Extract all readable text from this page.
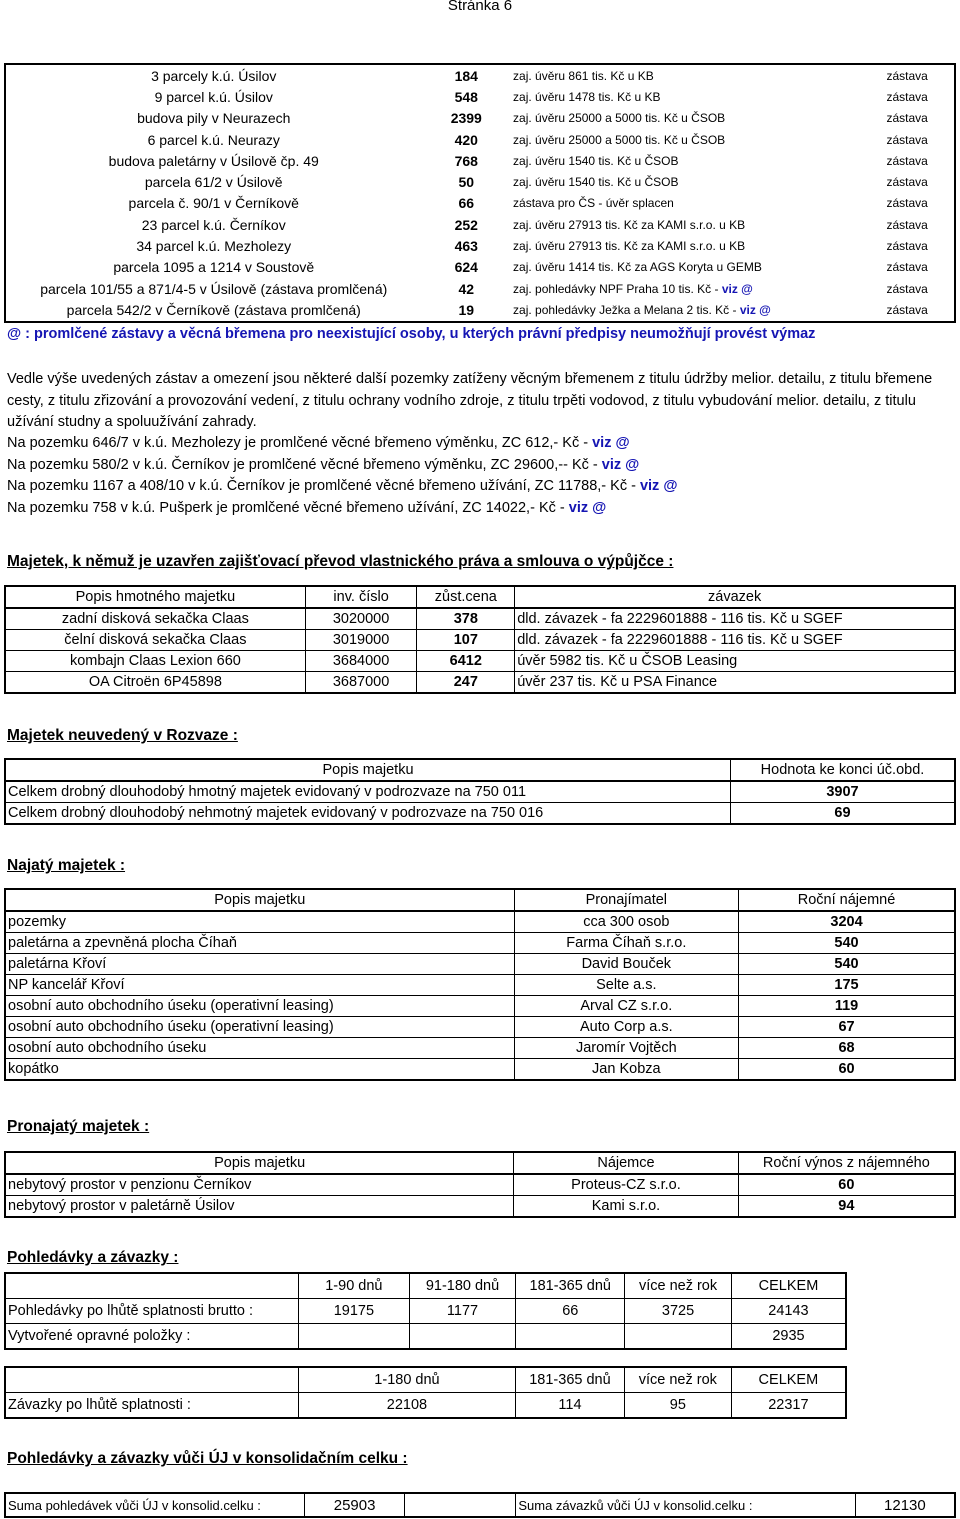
Stránka 6
3 parcely k.ú. Úsilov	184	zaj. úvěru 861 tis. Kč u KB	zástava
9 parcel k.ú. Úsilov	548	zaj. úvěru 1478 tis. Kč u KB	zástava
budova pily v Neurazech	2399	zaj. úvěru 25000 a 5000 tis. Kč u ČSOB	zástava
6 parcel k.ú. Neurazy	420	zaj. úvěru 25000 a 5000 tis. Kč u ČSOB	zástava
budova paletárny v Úsilově čp. 49	768	zaj. úvěru 1540 tis. Kč u ČSOB	zástava
parcela 61/2 v Úsilově	50	zaj. úvěru 1540 tis. Kč u ČSOB	zástava
parcela č. 90/1 v Černíkově	66	zástava pro ČS - úvěr splacen	zástava
23 parcel k.ú. Černíkov	252	zaj. úvěru 27913 tis. Kč za KAMI s.r.o. u KB	zástava
34 parcel k.ú. Mezholezy	463	zaj. úvěru 27913 tis. Kč za KAMI s.r.o. u KB	zástava
parcela 1095 a 1214 v Soustově	624	zaj. úvěru 1414 tis. Kč za AGS Koryta u GEMB	zástava
parcela 101/55 a 871/4-5 v Úsilově (zástava promlčená)	42	zaj. pohledávky NPF Praha 10 tis. Kč - viz @	zástava
parcela 542/2 v Černíkově (zástava promlčená)	19	zaj. pohledávky Ježka a Melana 2 tis. Kč - viz @	zástava
@ : promlčené zástavy a věcná břemena pro neexistující osoby, u kterých právní předpisy neumožňují provést výmaz
Vedle výše uvedených zástav a omezení jsou některé další pozemky zatíženy věcným břemenem z titulu údržby melior. detailu, z titulu břemene cesty, z titulu zřizování a provozování vedení, z titulu ochrany vodního zdroje, z titulu trpěti vodovod, z titulu vybudování melior. detailu, z titulu užívání studny a spoluužívání zahrady.
Na pozemku 646/7 v k.ú. Mezholezy je promlčené věcné břemeno výměnku, ZC 612,- Kč - viz @
Na pozemku 580/2 v k.ú. Černíkov je promlčené věcné břemeno výměnku, ZC 29600,-- Kč - viz @
Na pozemku 1167 a 408/10 v k.ú. Černíkov je promlčené věcné břemeno užívání, ZC 11788,- Kč - viz @
Na pozemku 758 v k.ú. Pušperk je promlčené věcné břemeno užívání, ZC 14022,- Kč - viz @
Majetek, k němuž je uzavřen zajišťovací převod vlastnického práva a smlouva o výpůjčce :
Popis hmotného majetku	inv. číslo	zůst.cena	závazek
zadní disková sekačka Claas	3020000	378	dld. závazek - fa 2229601888 - 116 tis. Kč u SGEF
čelní disková sekačka Claas	3019000	107	dld. závazek - fa 2229601888 - 116 tis. Kč u SGEF
kombajn Claas Lexion 660	3684000	6412	úvěr 5982 tis. Kč u ČSOB Leasing
OA Citroën 6P45898	3687000	247	úvěr 237 tis. Kč u PSA Finance
Majetek neuvedený v Rozvaze :
Popis majetku	Hodnota ke konci úč.obd.
Celkem drobný dlouhodobý hmotný majetek evidovaný v podrozvaze na 750 011	3907
Celkem drobný dlouhodobý nehmotný majetek evidovaný v podrozvaze na 750 016	69
Najatý majetek :
Popis majetku	Pronajímatel	Roční nájemné
pozemky	cca 300 osob	3204
paletárna a zpevněná plocha Číhaň	Farma Číhaň s.r.o.	540
paletárna Křoví	David Bouček	540
NP kancelář Křoví	Selte a.s.	175
osobní auto obchodního úseku (operativní leasing)	Arval CZ s.r.o.	119
osobní auto obchodního úseku (operativní leasing)	Auto Corp a.s.	67
osobní auto obchodního úseku	Jaromír Vojtěch	68
kopátko	Jan Kobza	60
Pronajatý majetek :
Popis majetku	Nájemce	Roční výnos z nájemného
nebytový prostor v penzionu Černíkov	Proteus-CZ s.r.o.	60
nebytový prostor v paletárně Úsilov	Kami s.r.o.	94
Pohledávky a závazky :
	1-90 dnů	91-180 dnů	181-365 dnů	více než rok	CELKEM
Pohledávky po lhůtě splatnosti brutto :	19175	1177	66	3725	24143
Vytvořené opravné položky :					2935
	1-180 dnů	181-365 dnů	více než rok	CELKEM
Závazky po lhůtě splatnosti :	22108	114	95	22317
Pohledávky a závazky vůči ÚJ v konsolidačním celku :
Suma pohledávek vůči ÚJ v konsolid.celku :	25903		Suma závazků vůči ÚJ v konsolid.celku :	12130
